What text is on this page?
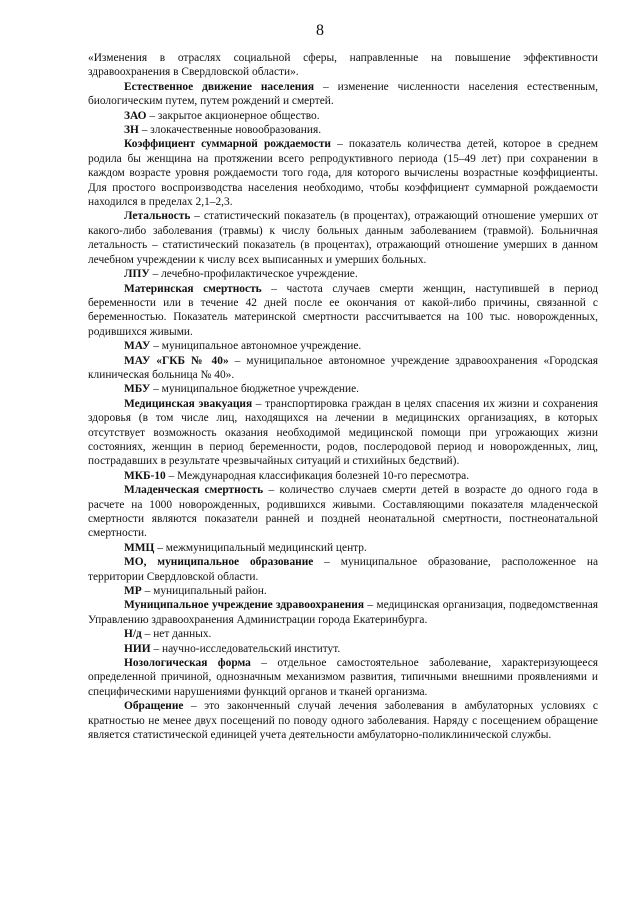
8

«Изменения в отраслях социальной сферы, направленные на повышение эффективности здравоохранения в Свердловской области».

Естественное движение населения – изменение численности населения естественным, биологическим путем, путем рождений и смертей.

ЗАО – закрытое акционерное общество.

ЗН – злокачественные новообразования.

Коэффициент суммарной рождаемости – показатель количества детей, которое в среднем родила бы женщина на протяжении всего репродуктивного периода (15–49 лет) при сохранении в каждом возрасте уровня рождаемости того года, для которого вычислены возрастные коэффициенты. Для простого воспроизводства населения необходимо, чтобы коэффициент суммарной рождаемости находился в пределах 2,1–2,3.

Летальность – статистический показатель (в процентах), отражающий отношение умерших от какого-либо заболевания (травмы) к числу больных данным заболеванием (травмой). Больничная летальность – статистический показатель (в процентах), отражающий отношение умерших в данном лечебном учреждении к числу всех выписанных и умерших больных.

ЛПУ – лечебно-профилактическое учреждение.

Материнская смертность – частота случаев смерти женщин, наступившей в период беременности или в течение 42 дней после ее окончания от какой-либо причины, связанной с беременностью. Показатель материнской смертности рассчитывается на 100 тыс. новорожденных, родившихся живыми.

МАУ – муниципальное автономное учреждение.

МАУ «ГКБ № 40» – муниципальное автономное учреждение здравоохранения «Городская клиническая больница № 40».

МБУ – муниципальное бюджетное учреждение.

Медицинская эвакуация – транспортировка граждан в целях спасения их жизни и сохранения здоровья (в том числе лиц, находящихся на лечении в медицинских организациях, в которых отсутствует возможность оказания необходимой медицинской помощи при угрожающих жизни состояниях, женщин в период беременности, родов, послеродовой период и новорожденных, лиц, пострадавших в результате чрезвычайных ситуаций и стихийных бедствий).

МКБ-10 – Международная классификация болезней 10-го пересмотра.

Младенческая смертность – количество случаев смерти детей в возрасте до одного года в расчете на 1000 новорожденных, родившихся живыми. Составляющими показателя младенческой смертности являются показатели ранней и поздней неонатальной смертности, постнеонатальной смертности.

ММЦ – межмуниципальный медицинский центр.

МО, муниципальное образование – муниципальное образование, расположенное на территории Свердловской области.

МР – муниципальный район.

Муниципальное учреждение здравоохранения – медицинская организация, подведомственная Управлению здравоохранения Администрации города Екатеринбурга.

Н/д – нет данных.

НИИ – научно-исследовательский институт.

Нозологическая форма – отдельное самостоятельное заболевание, характеризующееся определенной причиной, однозначным механизмом развития, типичными внешними проявлениями и специфическими нарушениями функций органов и тканей организма.

Обращение – это законченный случай лечения заболевания в амбулаторных условиях с кратностью не менее двух посещений по поводу одного заболевания. Наряду с посещением обращение является статистической единицей учета деятельности амбулаторно-поликлинической службы.
